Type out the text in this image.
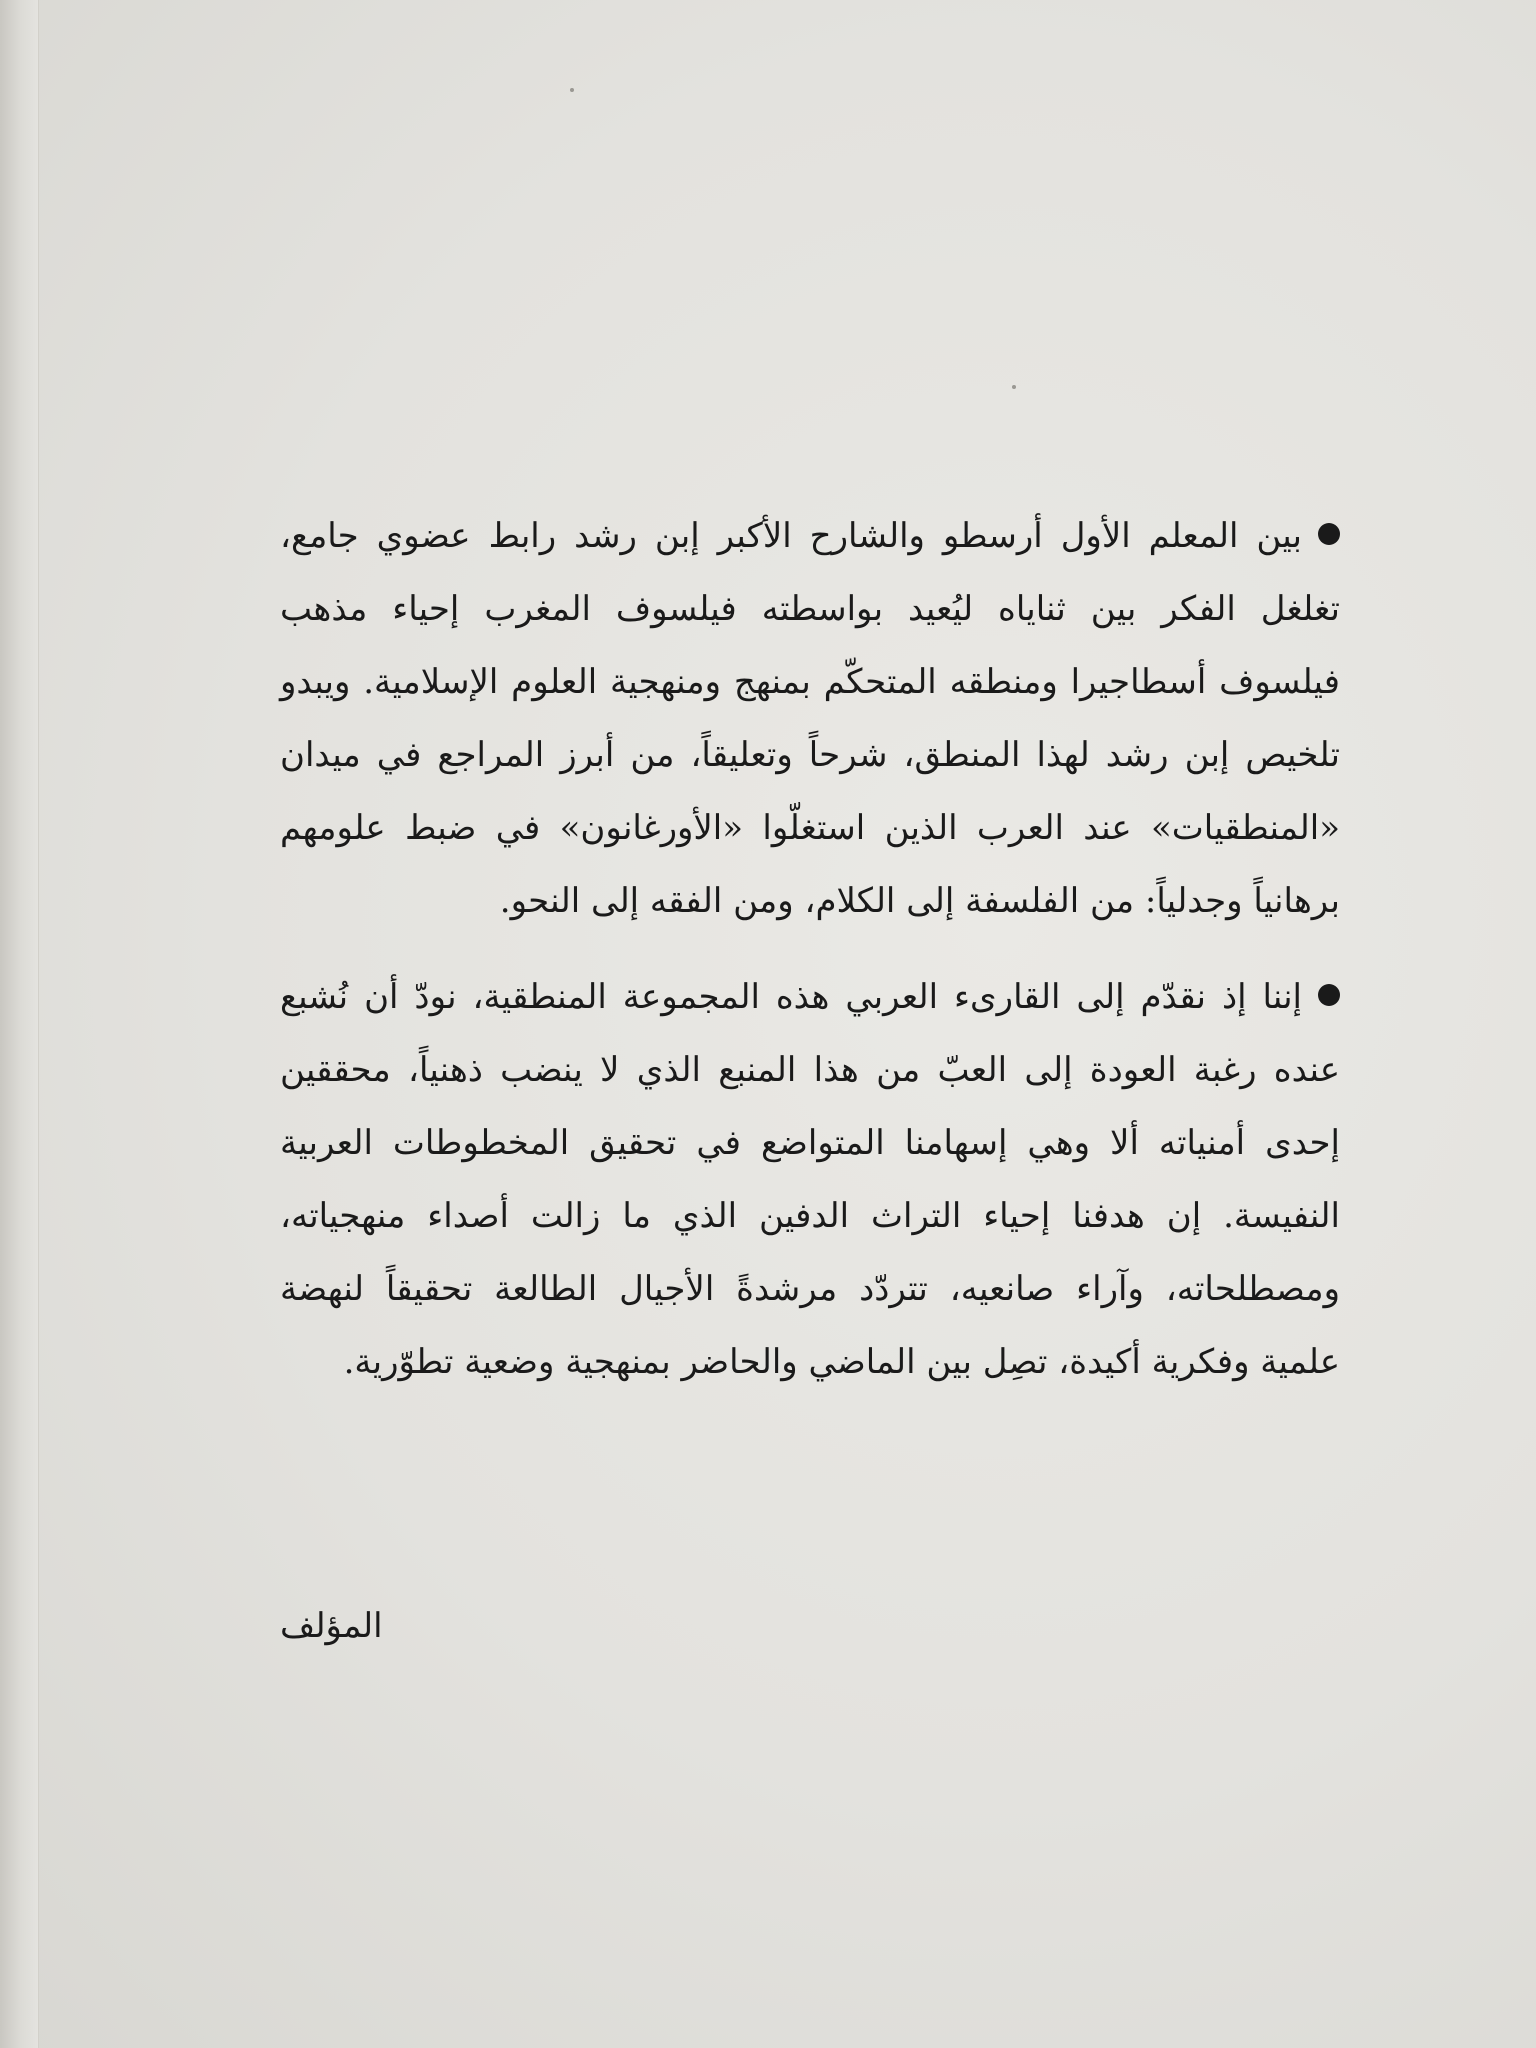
بين المعلم الأول أرسطو والشارح الأكبر إبن رشد رابط عضوي جامع، تغلغل الفكر بين ثناياه ليُعيد بواسطته فيلسوف المغرب إحياء مذهب فيلسوف أسطاجيرا ومنطقه المتحكّم بمنهج ومنهجية العلوم الإسلامية. ويبدو تلخيص إبن رشد لهذا المنطق، شرحاً وتعليقاً، من أبرز المراجع في ميدان «المنطقيات» عند العرب الذين استغلّوا «الأورغانون» في ضبط علومهم برهانياً وجدلياً: من الفلسفة إلى الكلام، ومن الفقه إلى النحو.

إننا إذ نقدّم إلى القارىء العربي هذه المجموعة المنطقية، نودّ أن نُشبع عنده رغبة العودة إلى العبّ من هذا المنبع الذي لا ينضب ذهنياً، محققين إحدى أمنياته ألا وهي إسهامنا المتواضع في تحقيق المخطوطات العربية النفيسة. إن هدفنا إحياء التراث الدفين الذي ما زالت أصداء منهجياته، ومصطلحاته، وآراء صانعيه، تتردّد مرشدةً الأجيال الطالعة تحقيقاً لنهضة علمية وفكرية أكيدة، تصِل بين الماضي والحاضر بمنهجية وضعية تطوّرية.

المؤلف
